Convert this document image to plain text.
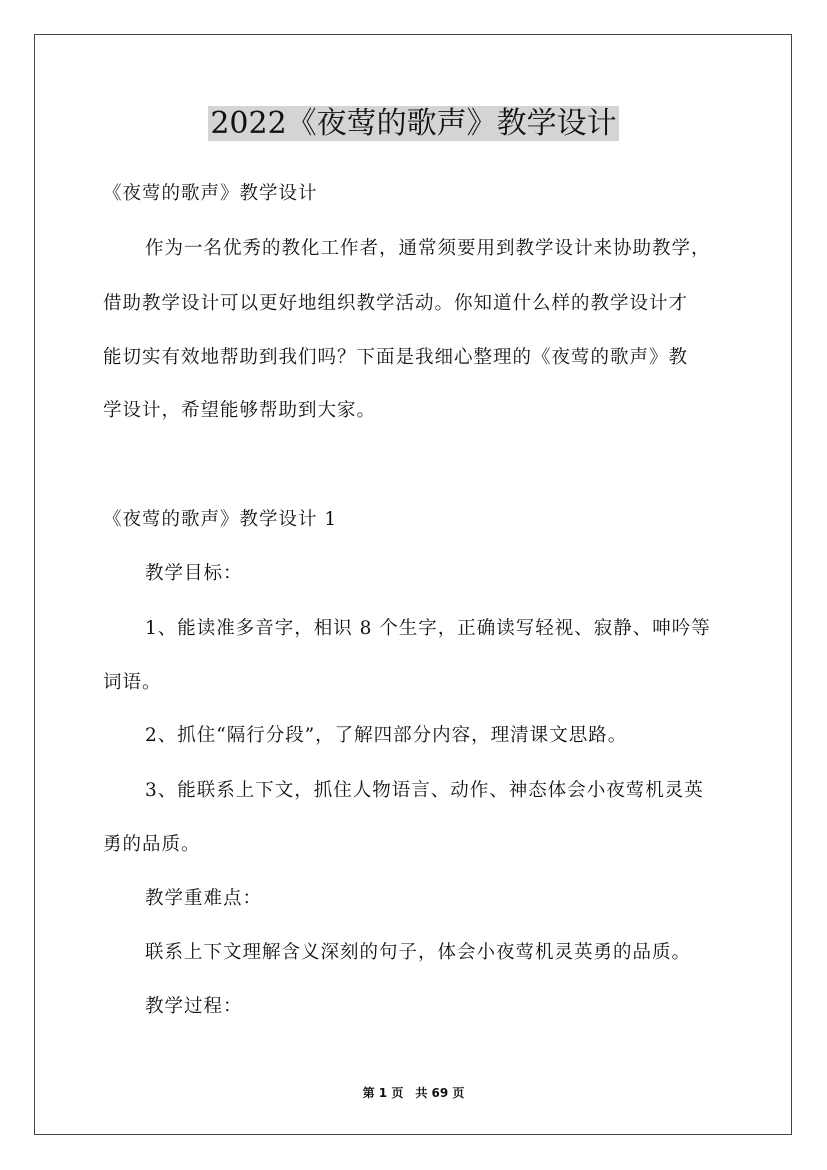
2022《夜莺的歌声》教学设计
《夜莺的歌声》教学设计
作为一名优秀的教化工作者，通常须要用到教学设计来协助教学，
借助教学设计可以更好地组织教学活动。你知道什么样的教学设计才
能切实有效地帮助到我们吗？下面是我细心整理的《夜莺的歌声》教
学设计，希望能够帮助到大家。
《夜莺的歌声》教学设计 1
教学目标：
1、能读准多音字，相识 8 个生字，正确读写轻视、寂静、呻吟等
词语。
2、抓住“隔行分段”，了解四部分内容，理清课文思路。
3、能联系上下文，抓住人物语言、动作、神态体会小夜莺机灵英
勇的品质。
教学重难点：
联系上下文理解含义深刻的句子，体会小夜莺机灵英勇的品质。
教学过程：
第 1 页　共 69 页
